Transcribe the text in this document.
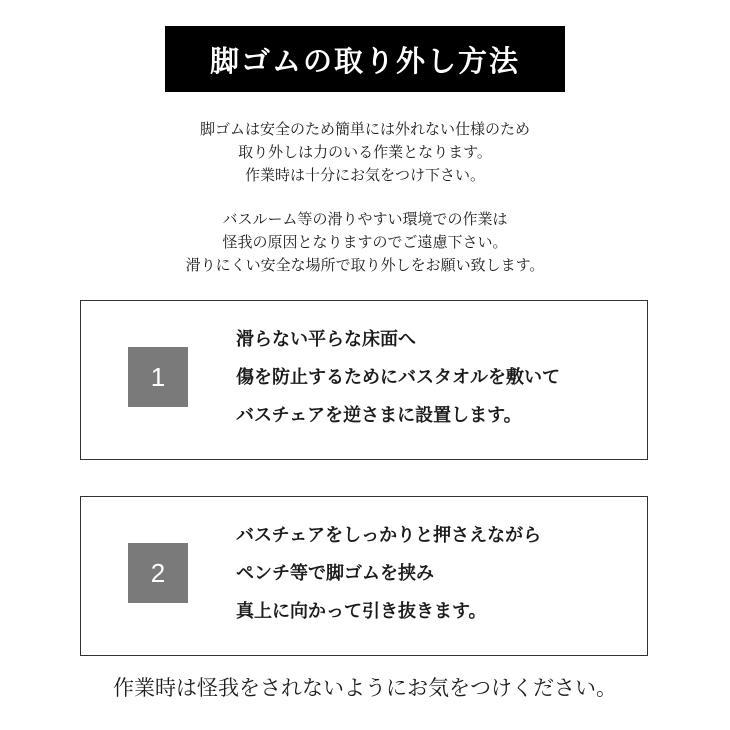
脚ゴムの取り外し方法
脚ゴムは安全のため簡単には外れない仕様のため
取り外しは力のいる作業となります。
作業時は十分にお気をつけ下さい。
バスルーム等の滑りやすい環境での作業は
怪我の原因となりますのでご遠慮下さい。
滑りにくい安全な場所で取り外しをお願い致します。
1
滑らない平らな床面へ
傷を防止するためにバスタオルを敷いて
バスチェアを逆さまに設置します。
2
バスチェアをしっかりと押さえながら
ペンチ等で脚ゴムを挟み
真上に向かって引き抜きます。
作業時は怪我をされないようにお気をつけください。
